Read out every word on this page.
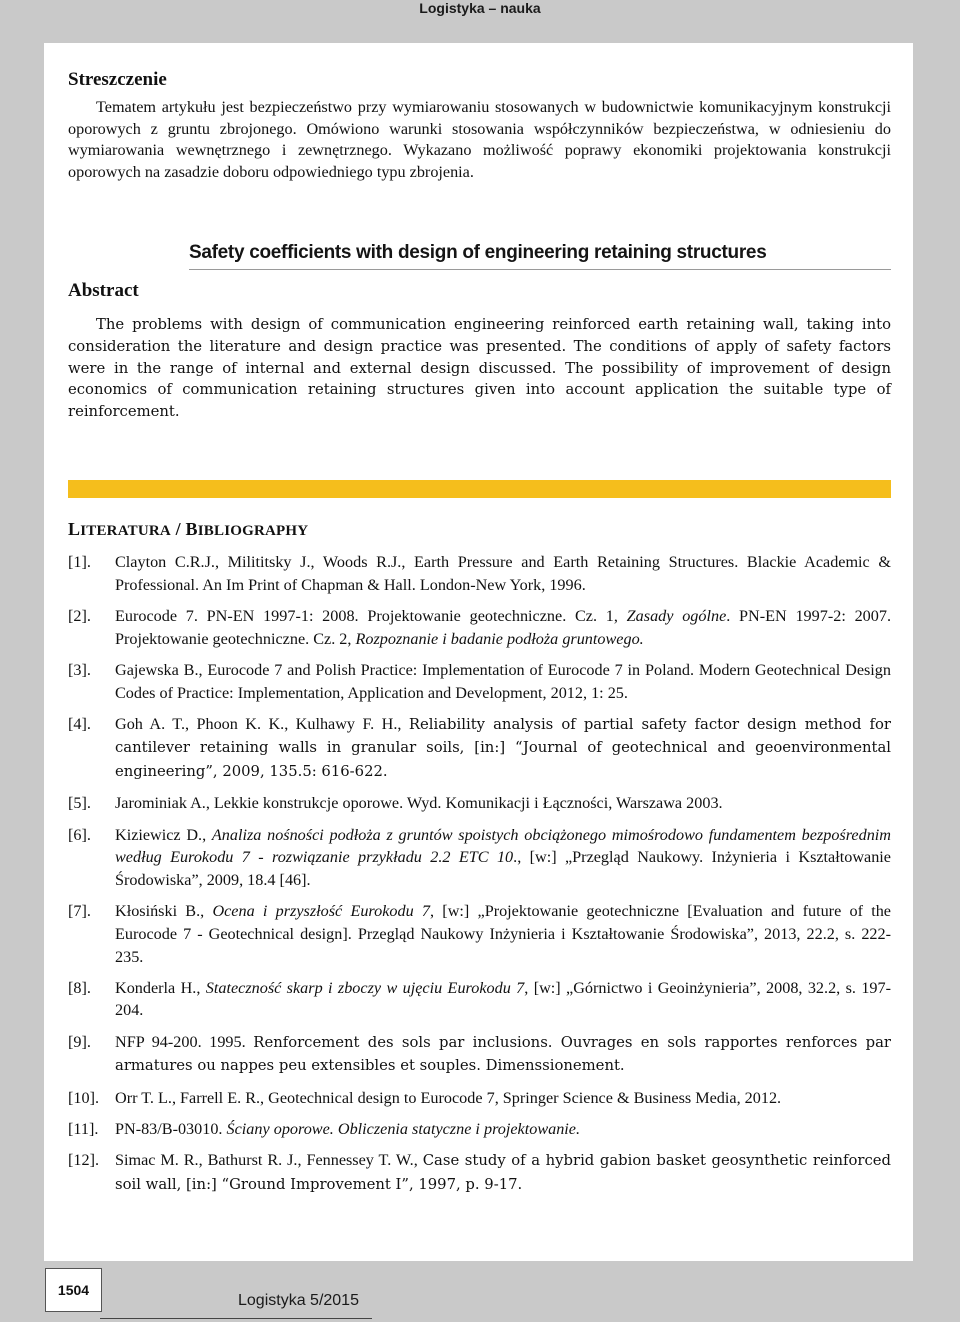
Logistyka – nauka
Streszczenie

Tematem artykułu jest bezpieczeństwo przy wymiarowaniu stosowanych w budownictwie komunikacyjnym konstrukcji oporowych z gruntu zbrojonego. Omówiono warunki stosowania współczynników bezpieczeństwa, w odniesieniu do wymiarowania wewnętrznego i zewnętrznego. Wykazano możliwość poprawy ekonomiki projektowania konstrukcji oporowych na zasadzie doboru odpowiedniego typu zbrojenia.

Safety coefficients with design of engineering retaining structures
Abstract

The problems with design of communication engineering reinforced earth retaining wall, taking into consideration the literature and design practice was presented. The conditions of apply of safety factors were in the range of internal and external design discussed. The possibility of improvement of design economics of communication retaining structures given into account application the suitable type of reinforcement.

LITERATURA / BIBLIOGRAPHY
[1]. Clayton C.R.J., Milititsky J., Woods R.J., Earth Pressure and Earth Retaining Structures. Blackie Academic & Professional. An Im Print of Chapman & Hall. London-New York, 1996.
[2]. Eurocode 7. PN-EN 1997-1: 2008. Projektowanie geotechniczne. Cz. 1, Zasady ogólne. PN-EN 1997-2: 2007. Projektowanie geotechniczne. Cz. 2, Rozpoznanie i badanie podłoża gruntowego.
[3]. Gajewska B., Eurocode 7 and Polish Practice: Implementation of Eurocode 7 in Poland. Modern Geotechnical Design Codes of Practice: Implementation, Application and Development, 2012, 1: 25.
[4]. Goh A. T., Phoon K. K., Kulhawy F. H., Reliability analysis of partial safety factor design method for cantilever retaining walls in granular soils, [in:] “Journal of geotechnical and geoenvironmental engineering”, 2009, 135.5: 616-622.
[5]. Jarominiak A., Lekkie konstrukcje oporowe. Wyd. Komunikacji i Łączności, Warszawa 2003.
[6]. Kiziewicz D., Analiza nośności podłoża z gruntów spoistych obciążonego mimośrodowo fundamentem bezpośrednim według Eurokodu 7 - rozwiązanie przykładu 2.2 ETC 10., [w:] „Przegląd Naukowy. Inżynieria i Kształtowanie Środowiska”, 2009, 18.4 [46].
[7]. Kłosiński B., Ocena i przyszłość Eurokodu 7, [w:] „Projektowanie geotechniczne [Evaluation and future of the Eurocode 7 - Geotechnical design]. Przegląd Naukowy Inżynieria i Kształtowanie Środowiska”, 2013, 22.2, s. 222-235.
[8]. Konderla H., Stateczność skarp i zboczy w ujęciu Eurokodu 7, [w:] „Górnictwo i Geoinżynieria”, 2008, 32.2, s. 197-204.
[9]. NFP 94-200. 1995. Renforcement des sols par inclusions. Ouvrages en sols rapportes renforces par armatures ou nappes peu extensibles et souples. Dimenssionement.
[10]. Orr T. L., Farrell E. R., Geotechnical design to Eurocode 7, Springer Science & Business Media, 2012.
[11]. PN-83/B-03010. Ściany oporowe. Obliczenia statyczne i projektowanie.
[12]. Simac M. R., Bathurst R. J., Fennessey T. W., Case study of a hybrid gabion basket geosynthetic reinforced soil wall, [in:] “Ground Improvement I”, 1997, p. 9-17.
1504
Logistyka 5/2015
